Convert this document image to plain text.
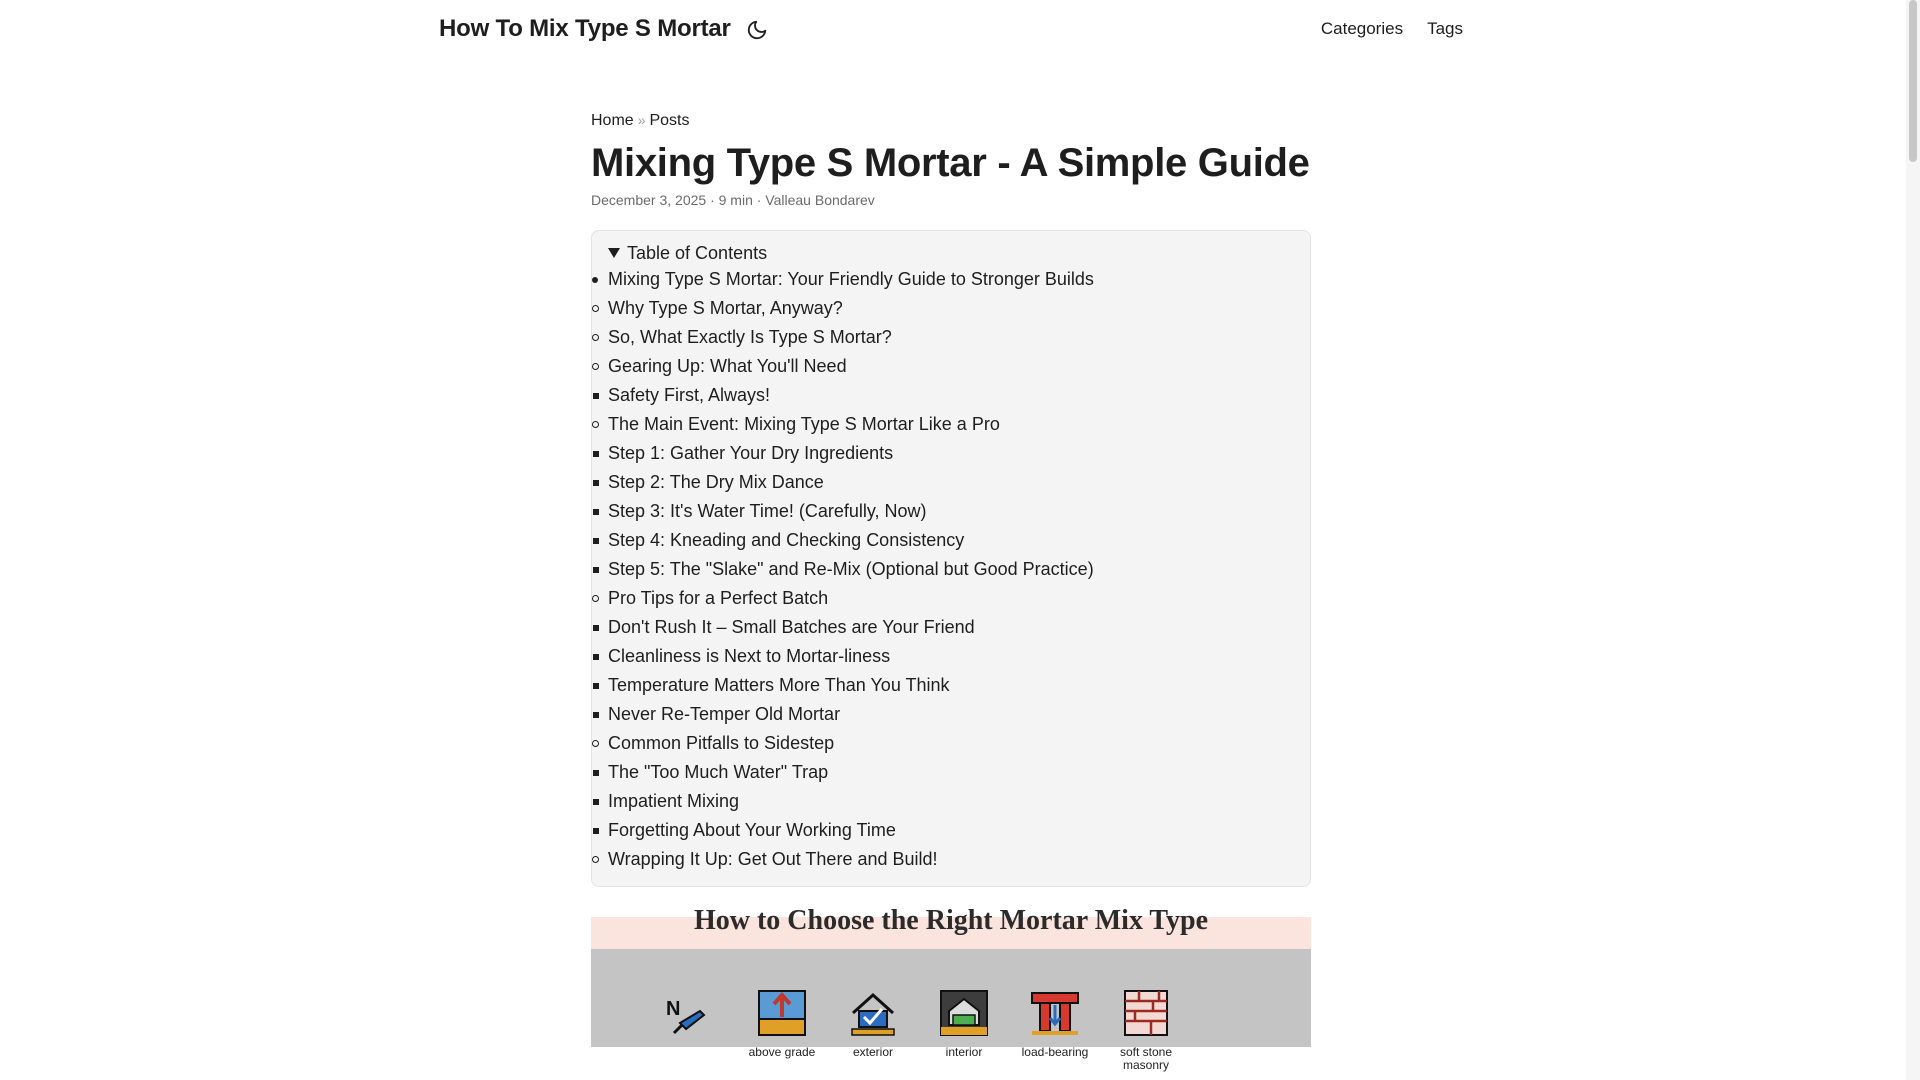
How To Mix Type S Mortar	Categories Tags
Home » Posts
Mixing Type S Mortar - A Simple Guide
December 3, 2025 · 9 min · Valleau Bondarev
Table of Contents
Mixing Type S Mortar: Your Friendly Guide to Stronger Builds
Why Type S Mortar, Anyway?
So, What Exactly Is Type S Mortar?
Gearing Up: What You'll Need
Safety First, Always!
The Main Event: Mixing Type S Mortar Like a Pro
Step 1: Gather Your Dry Ingredients
Step 2: The Dry Mix Dance
Step 3: It's Water Time! (Carefully, Now)
Step 4: Kneading and Checking Consistency
Step 5: The "Slake" and Re-Mix (Optional but Good Practice)
Pro Tips for a Perfect Batch
Don't Rush It – Small Batches are Your Friend
Cleanliness is Next to Mortar-liness
Temperature Matters More Than You Think
Never Re-Temper Old Mortar
Common Pitfalls to Sidestep
The "Too Much Water" Trap
Impatient Mixing
Forgetting About Your Working Time
Wrapping It Up: Get Out There and Build!
How to Choose the Right Mortar Mix Type
N
above grade	exterior	interior	load-bearing	soft stone masonry
